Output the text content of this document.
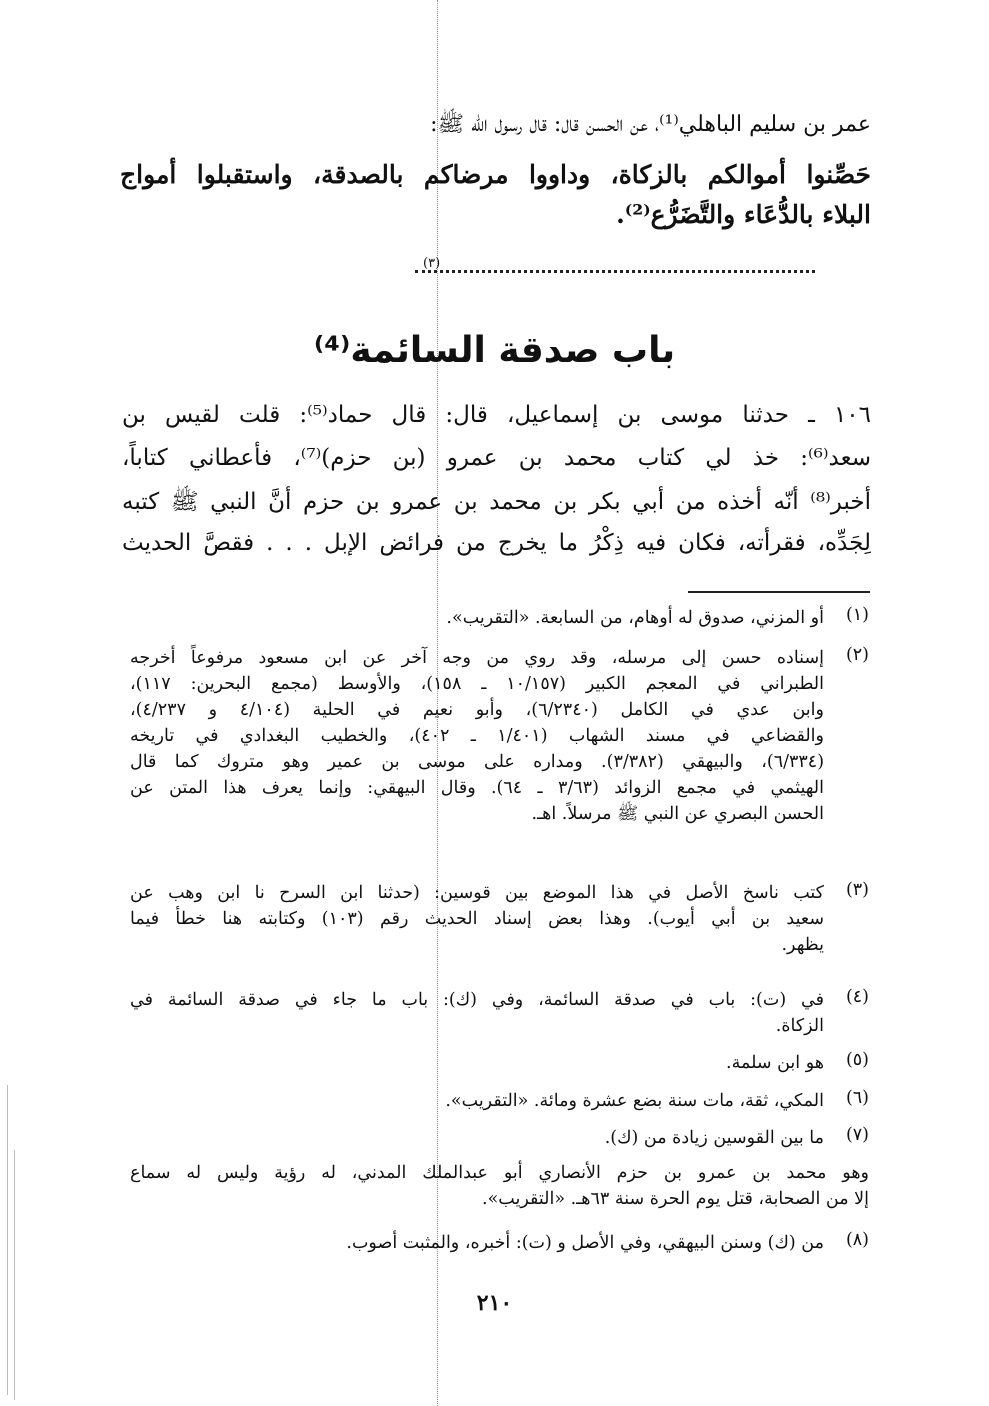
عمر بن سليم الباهلي⁽¹⁾، عن الحسن قال: قال رسول الله ﷺ:
حَصِّنوا أموالكم بالزكاة، وداووا مرضاكم بالصدقة، واستقبلوا أمواج
البلاء بالدُّعَاء والتَّضَرُّع⁽²⁾.
(٣)
باب صدقة السائمة⁽⁴⁾
١٠٦ ـ حدثنا موسى بن إسماعيل، قال: قال حماد⁽⁵⁾: قلت لقيس بن
سعد⁽⁶⁾: خذ لي كتاب محمد بن عمرو (بن حزم)⁽⁷⁾، فأعطاني كتاباً،
أخبر⁽⁸⁾ أنّه أخذه من أبي بكر بن محمد بن عمرو بن حزم أنَّ النبي ﷺ كتبه
لِجَدِّه، فقرأته، فكان فيه ذِكْرُ ما يخرج من فرائض الإبل . . . فقصَّ الحديث
(١)
أو المزني، صدوق له أوهام، من السابعة. «التقريب».
(٢)
إسناده حسن إلى مرسله، وقد روي من وجه آخر عن ابن مسعود مرفوعاً أخرجه
الطبراني في المعجم الكبير (١٠/١٥٧ ـ ١٥٨)، والأوسط (مجمع البحرين: ١١٧)،
وابن عدي في الكامل (٦/٢٣٤٠)، وأبو نعيم في الحلية (٤/١٠٤ و ٤/٢٣٧)،
والقضاعي في مسند الشهاب (١/٤٠١ ـ ٤٠٢)، والخطيب البغدادي في تاريخه
(٦/٣٣٤)، والبيهقي (٣/٣٨٢). ومداره على موسى بن عمير وهو متروك كما قال
الهيثمي في مجمع الزوائد (٣/٦٣ ـ ٦٤). وقال البيهقي: وإنما يعرف هذا المتن عن
الحسن البصري عن النبي ﷺ مرسلاً. اهـ.
(٣)
كتب ناسخ الأصل في هذا الموضع بين قوسين: (حدثنا ابن السرح نا ابن وهب عن
سعيد بن أبي أيوب). وهذا بعض إسناد الحديث رقم (١٠٣) وكتابته هنا خطأ فيما
يظهر.
(٤)
في (ت): باب في صدقة السائمة، وفي (ك): باب ما جاء في صدقة السائمة في
الزكاة.
(٥)
هو ابن سلمة.
(٦)
المكي، ثقة، مات سنة بضع عشرة ومائة. «التقريب».
(٧)
ما بين القوسين زيادة من (ك).
وهو محمد بن عمرو بن حزم الأنصاري أبو عبدالملك المدني، له رؤية وليس له سماع
إلا من الصحابة، قتل يوم الحرة سنة ٦٣هـ. «التقريب».
(٨)
من (ك) وسنن البيهقي، وفي الأصل و (ت): أخبره، والمثبت أصوب.
٢١٠
